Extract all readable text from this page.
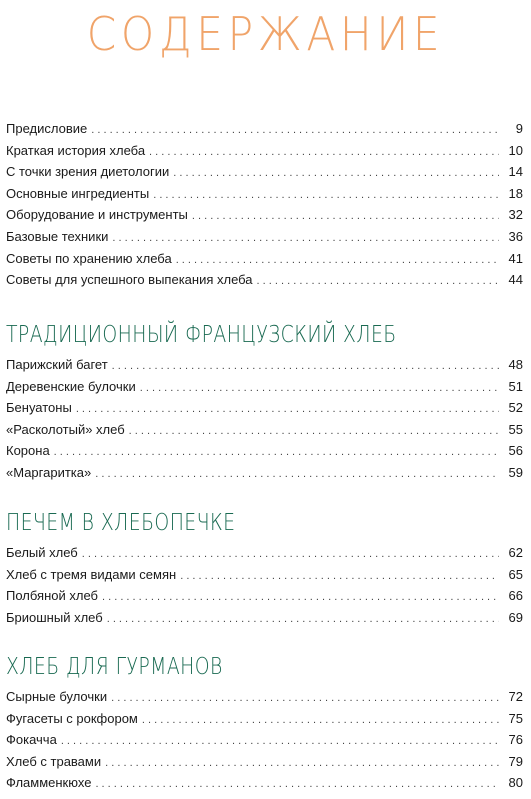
СОДЕРЖАНИЕ
Предисловие . . .	9
Краткая история хлеба . . .	10
С точки зрения диетологии . . .	14
Основные ингредиенты . . .	18
Оборудование и инструменты . . .	32
Базовые техники . . .	36
Советы по хранению хлеба . . .	41
Советы для успешного выпекания хлеба . . .	44
ТРАДИЦИОННЫЙ ФРАНЦУЗСКИЙ ХЛЕБ
Парижский багет . . .	48
Деревенские булочки . . .	51
Бенуатоны . . .	52
«Расколотый» хлеб . . .	55
Корона . . .	56
«Маргаритка» . . .	59
ПЕЧЕМ В ХЛЕБОПЕЧКЕ
Белый хлеб . . .	62
Хлеб с тремя видами семян . . .	65
Полбяной хлеб . . .	66
Бриошный хлеб . . .	69
ХЛЕБ ДЛЯ ГУРМАНОВ
Сырные булочки . . .	72
Фугасеты с рокфором . . .	75
Фокачча . . .	76
Хлеб с травами . . .	79
Фламменкюхе . . .	80
